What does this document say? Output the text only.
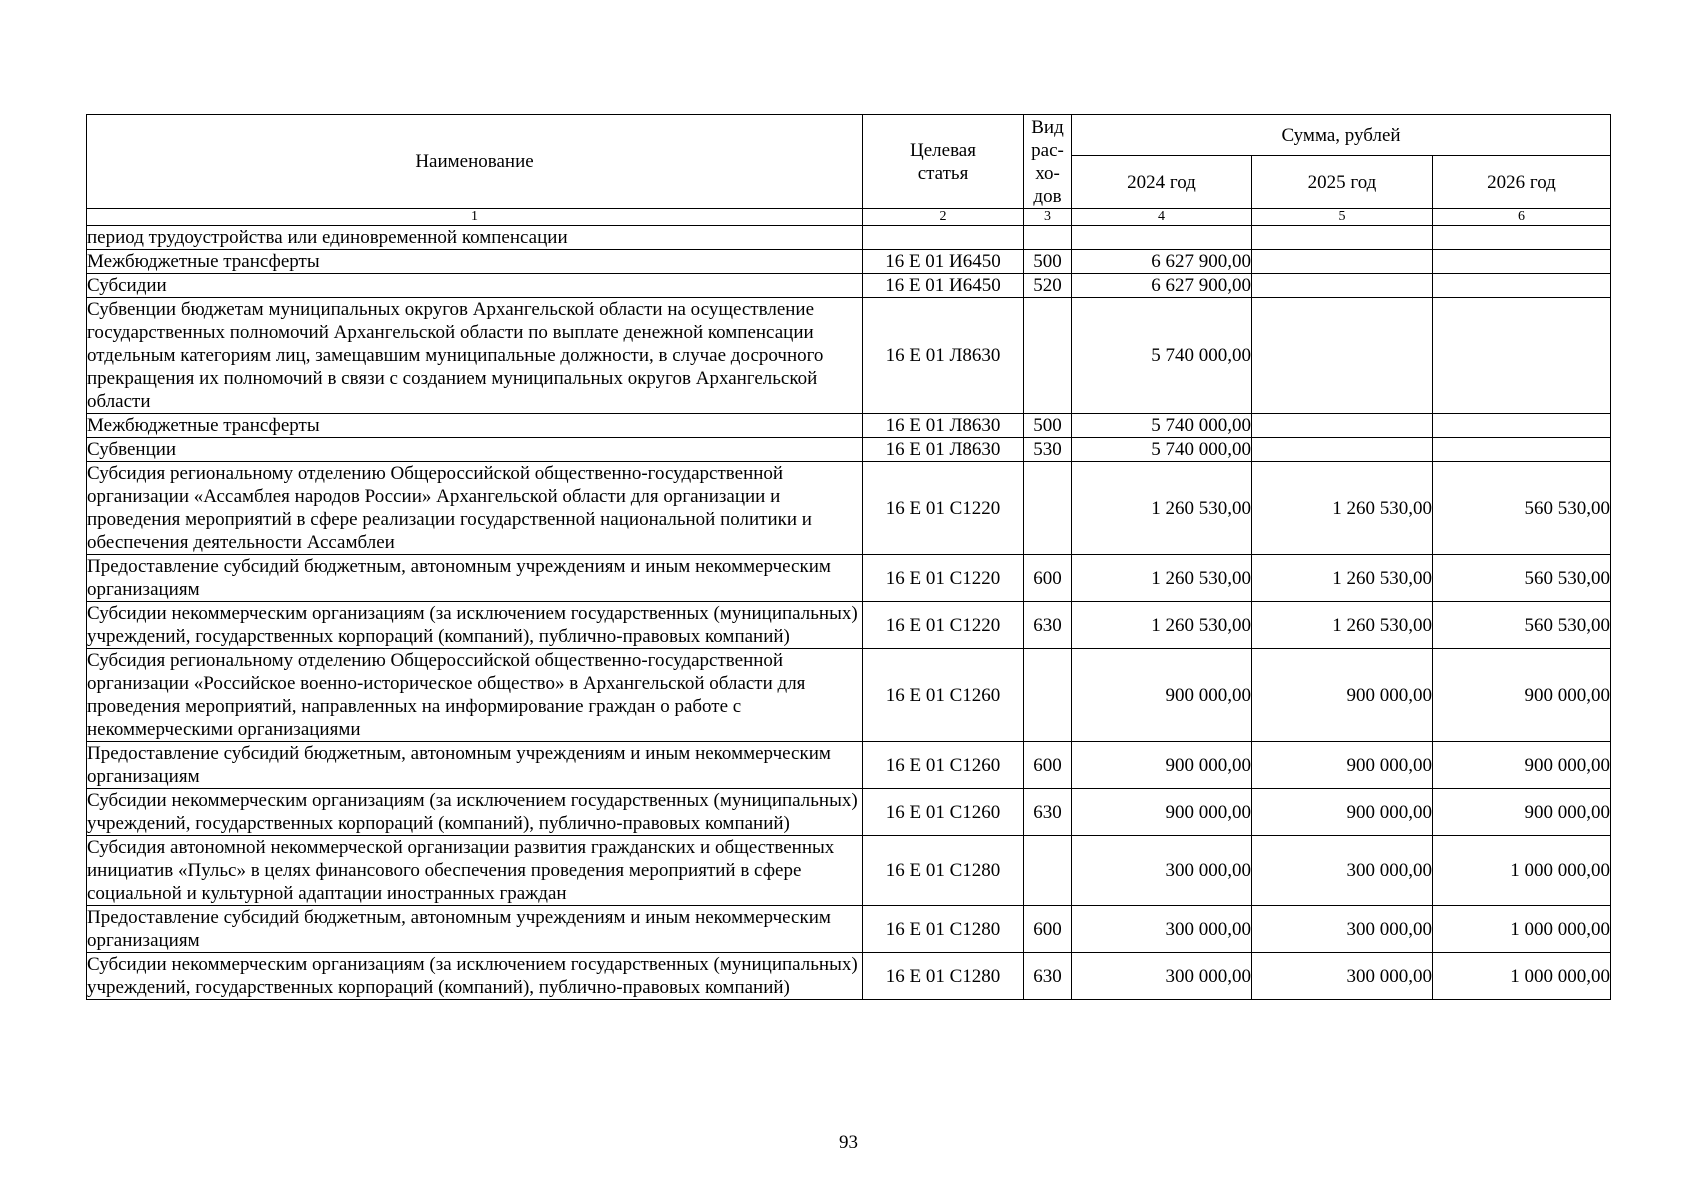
Наименование	Целевая статья	Вид рас-хо-дов	Сумма, рублей		
			2024 год	2025 год	2026 год
1	2	3	4	5	6
период трудоустройства или единовременной компенсации					
Межбюджетные трансферты	16 Е 01 И6450	500	6 627 900,00		
Субсидии	16 Е 01 И6450	520	6 627 900,00		
Субвенции бюджетам муниципальных округов Архангельской области на осуществление государственных полномочий Архангельской области по выплате денежной компенсации отдельным категориям лиц, замещавшим муниципальные должности, в случае досрочного прекращения их полномочий в связи с созданием муниципальных округов Архангельской области	16 Е 01 Л8630		5 740 000,00		
Межбюджетные трансферты	16 Е 01 Л8630	500	5 740 000,00		
Субвенции	16 Е 01 Л8630	530	5 740 000,00		
Субсидия региональному отделению Общероссийской общественно-государственной организации «Ассамблея народов России» Архангельской области для организации и проведения мероприятий в сфере реализации государственной национальной политики и обеспечения деятельности Ассамблеи	16 Е 01 С1220		1 260 530,00	1 260 530,00	560 530,00
Предоставление субсидий бюджетным, автономным учреждениям и иным некоммерческим организациям	16 Е 01 С1220	600	1 260 530,00	1 260 530,00	560 530,00
Субсидии некоммерческим организациям (за исключением государственных (муниципальных) учреждений, государственных корпораций (компаний), публично-правовых компаний)	16 Е 01 С1220	630	1 260 530,00	1 260 530,00	560 530,00
Субсидия региональному отделению Общероссийской общественно-государственной организации «Российское военно-историческое общество» в Архангельской области для проведения мероприятий, направленных на информирование граждан о работе с некоммерческими организациями	16 Е 01 С1260		900 000,00	900 000,00	900 000,00
Предоставление субсидий бюджетным, автономным учреждениям и иным некоммерческим организациям	16 Е 01 С1260	600	900 000,00	900 000,00	900 000,00
Субсидии некоммерческим организациям (за исключением государственных (муниципальных) учреждений, государственных корпораций (компаний), публично-правовых компаний)	16 Е 01 С1260	630	900 000,00	900 000,00	900 000,00
Субсидия автономной некоммерческой организации развития гражданских и общественных инициатив «Пульс» в целях финансового обеспечения проведения мероприятий в сфере социальной и культурной адаптации иностранных граждан	16 Е 01 С1280		300 000,00	300 000,00	1 000 000,00
Предоставление субсидий бюджетным, автономным учреждениям и иным некоммерческим организациям	16 Е 01 С1280	600	300 000,00	300 000,00	1 000 000,00
Субсидии некоммерческим организациям (за исключением государственных (муниципальных) учреждений, государственных корпораций (компаний), публично-правовых компаний)	16 Е 01 С1280	630	300 000,00	300 000,00	1 000 000,00
93
